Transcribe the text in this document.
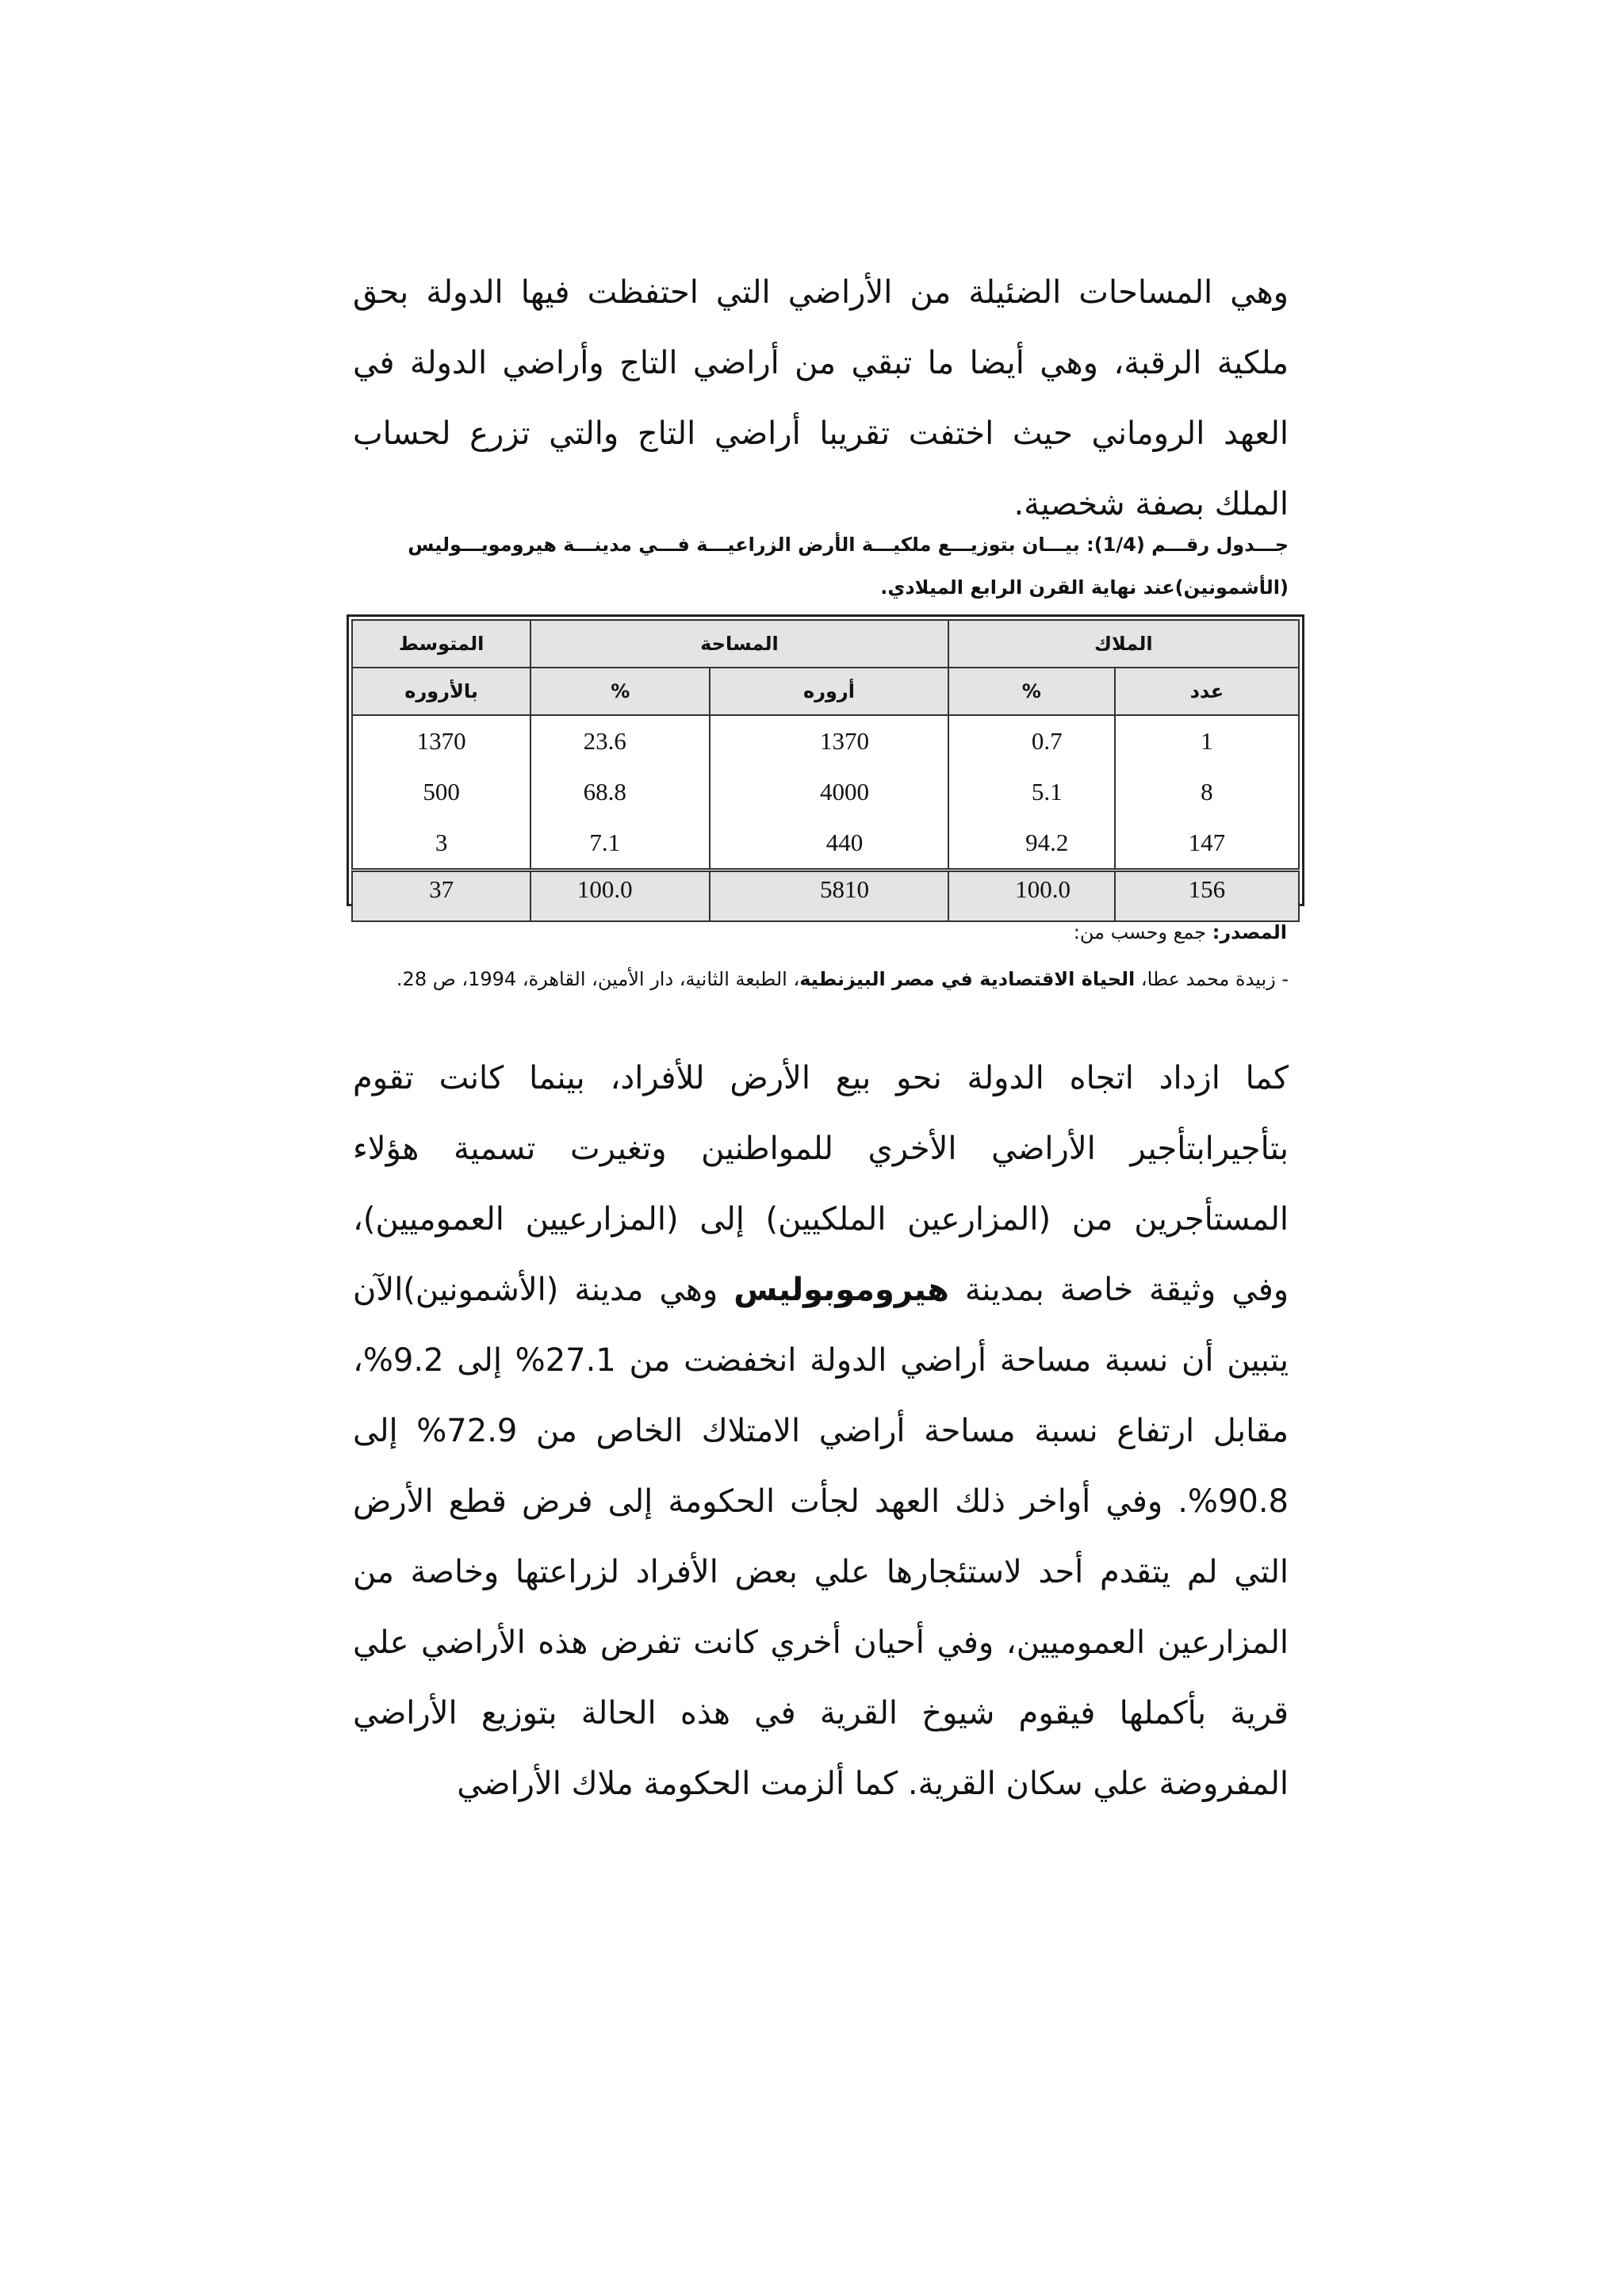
وهي المساحات الضئيلة من الأراضي التي احتفظت فيها الدولة بحق ملكية الرقبة، وهي أيضا ما تبقي من أراضي التاج وأراضي الدولة في العهد الروماني حيث اختفت تقريبا أراضي التاج والتي تزرع لحساب الملك بصفة شخصية.

جـــدول رقـــم (1/4): بيـــان بتوزيـــع ملكيـــة الأرض الزراعيـــة فـــي مدينـــة هيرومويـــوليس
(الأشمونين)عند نهاية القرن الرابع الميلادي.
الملاك		المساحة		المتوسط
عدد	%	أروره	%	بالأروره
1	0.7	1370	23.6	1370
8	5.1	4000	68.8	500
147	94.2	440	7.1	3
156	100.0	5810	100.0	37
المصدر: جمع وحسب من:
- زبيدة محمد عطا، الحياة الاقتصادية في مصر البيزنطية، الطبعة الثانية، دار الأمين، القاهرة، 1994، ص 28.

كما ازداد اتجاه الدولة نحو بيع الأرض للأفراد، بينما كانت تقوم بتأجيرابتأجير الأراضي الأخري للمواطنين وتغيرت تسمية هؤلاء المستأجرين من (المزارعين الملكيين) إلى (المزارعيين العموميين)، وفي وثيقة خاصة بمدينة هيروموبوليس وهي مدينة (الأشمونين)الآن يتبين أن نسبة مساحة أراضي الدولة انخفضت من 27.1% إلى 9.2%، مقابل ارتفاع نسبة مساحة أراضي الامتلاك الخاص من 72.9% إلى 90.8%. وفي أواخر ذلك العهد لجأت الحكومة إلى فرض قطع الأرض التي لم يتقدم أحد لاستئجارها علي بعض الأفراد لزراعتها وخاصة من المزارعين العموميين، وفي أحيان أخري كانت تفرض هذه الأراضي علي قرية بأكملها فيقوم شيوخ القرية في هذه الحالة بتوزيع الأراضي المفروضة علي سكان القرية. كما ألزمت الحكومة ملاك الأراضي
